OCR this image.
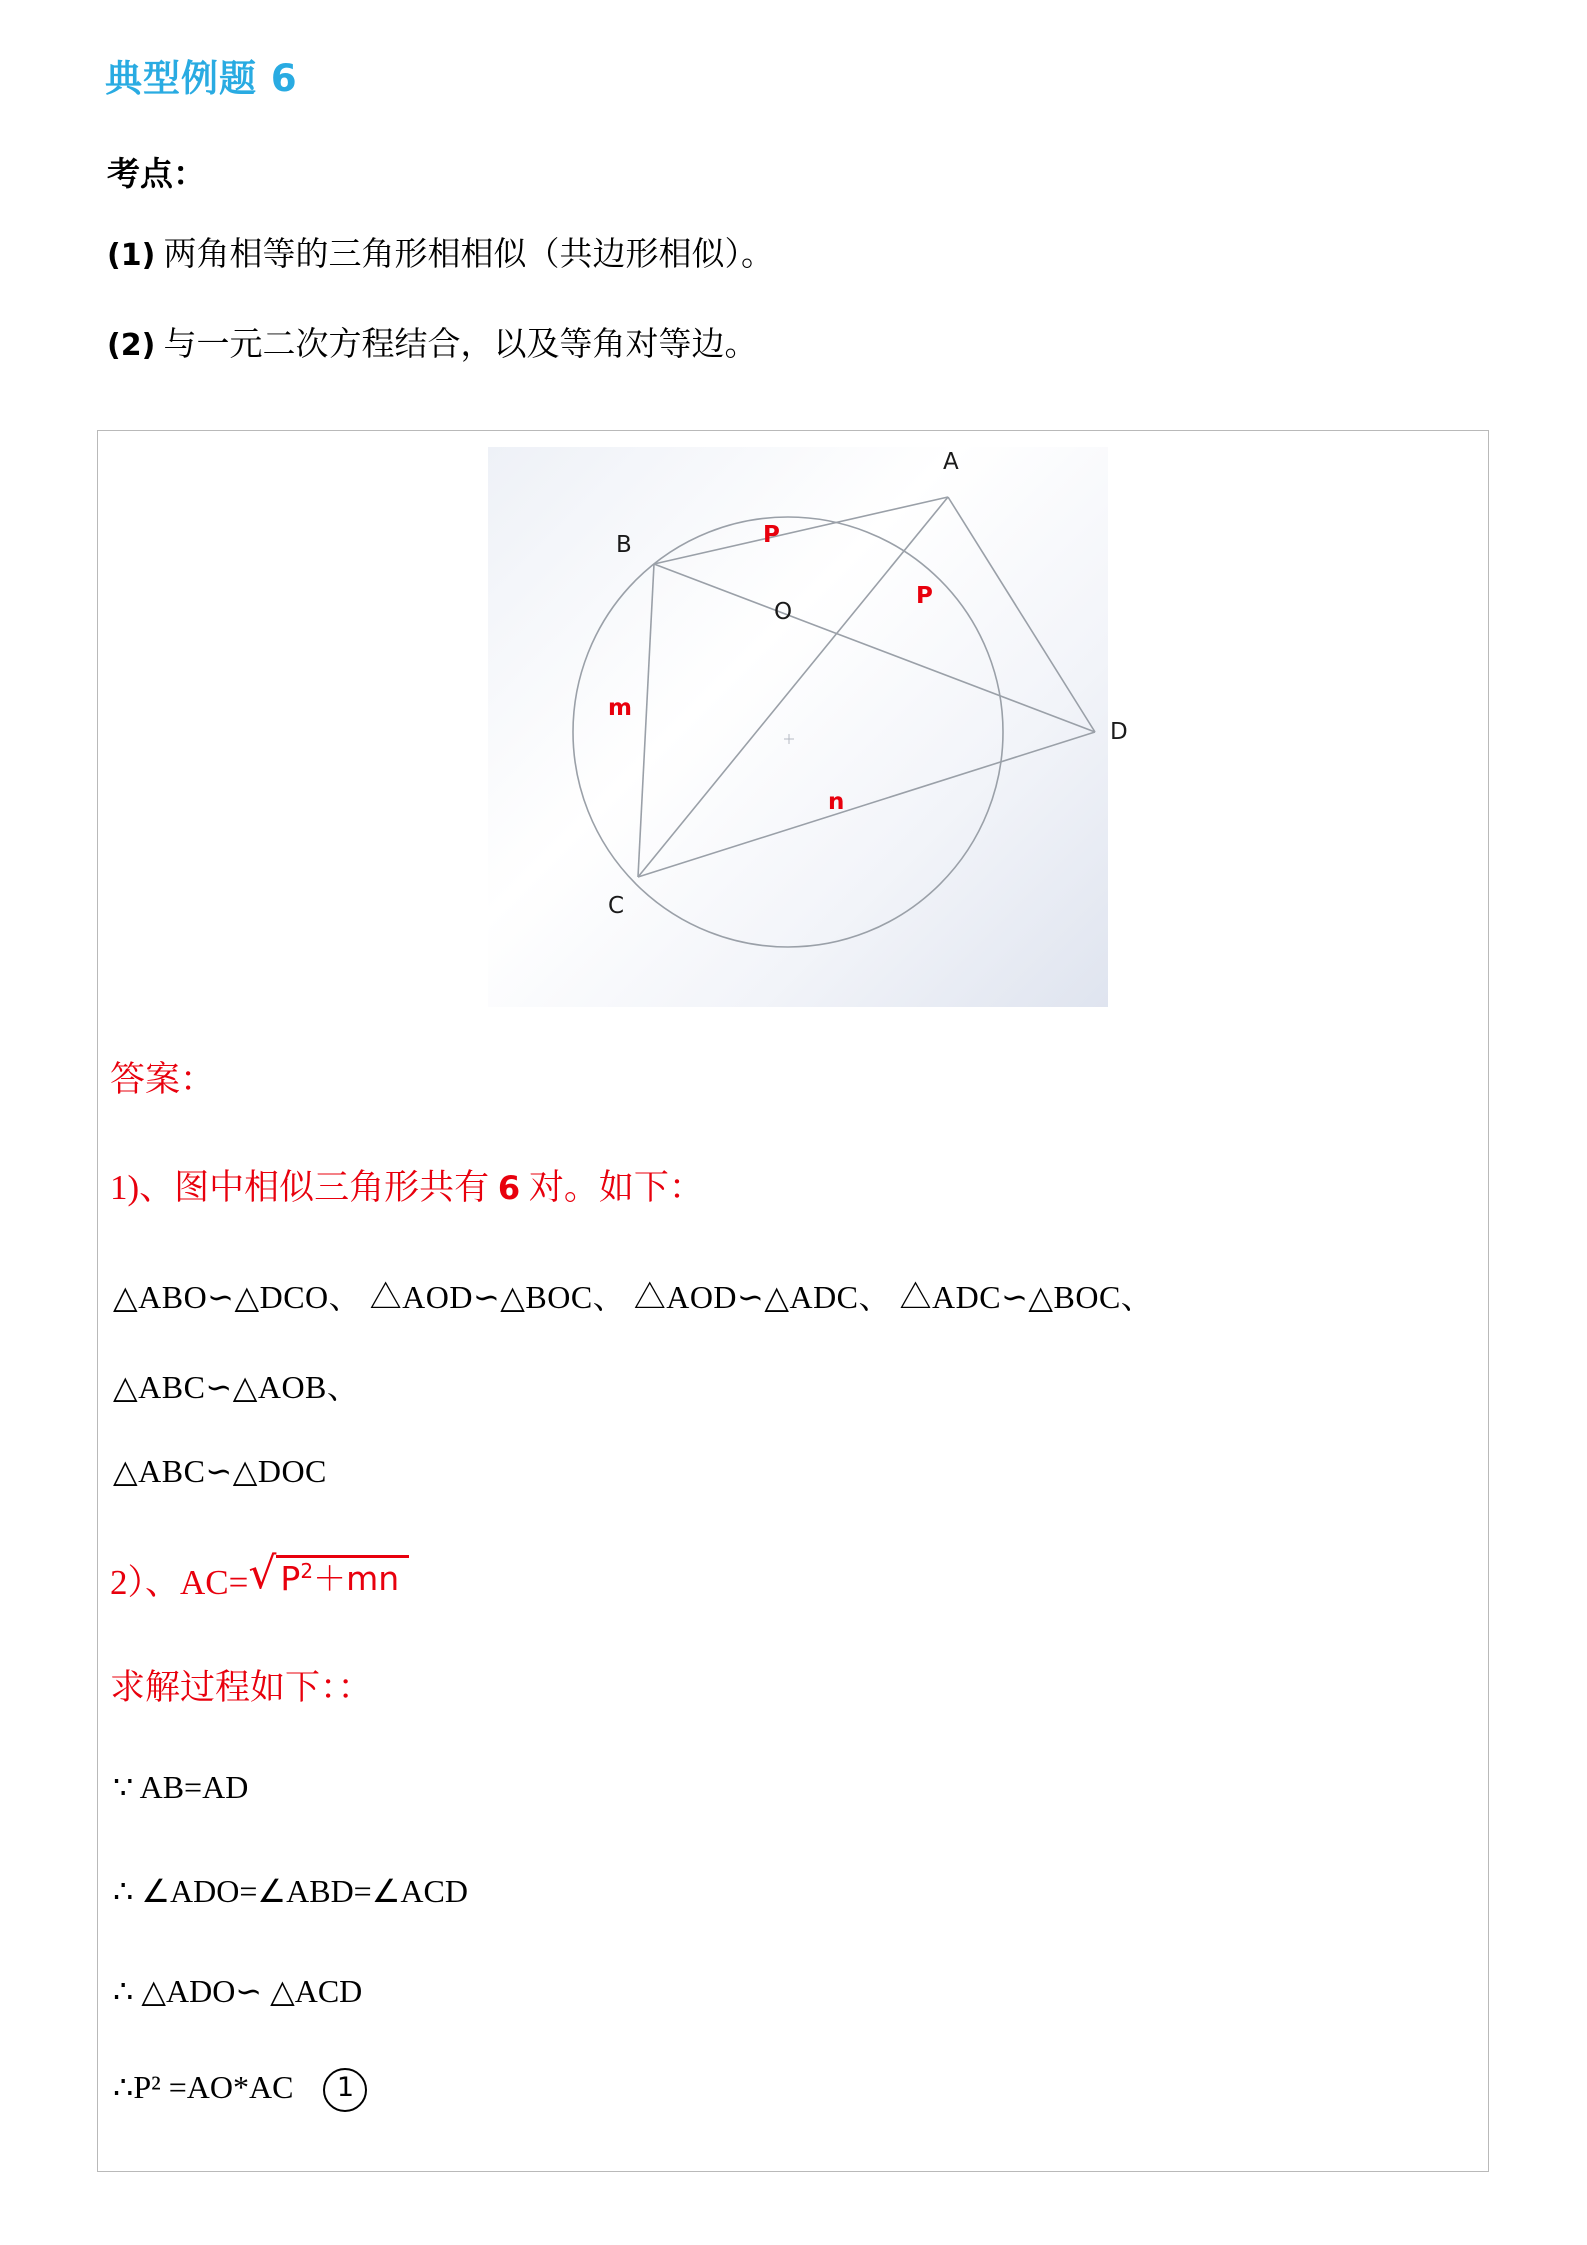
典型例题 6
考点：
(1) 两角相等的三角形相相似（共边形相似）。
(2) 与一元二次方程结合，以及等角对等边。
A
B
C
D
O
P
P
m
n
答案：
1)、图中相似三角形共有 6 对。如下：
△ABO∽△DCO、 △AOD∽△BOC、 △AOD∽△ADC、 △ADC∽△BOC、
△ABC∽△AOB、
△ABC∽△DOC
2）、AC= √ $P^2+mn$
求解过程如下：：
∵ AB=AD
∴ ∠ADO=∠ABD=∠ACD
∴ △ADO∽ △ACD
∴P² =AO*AC 1
